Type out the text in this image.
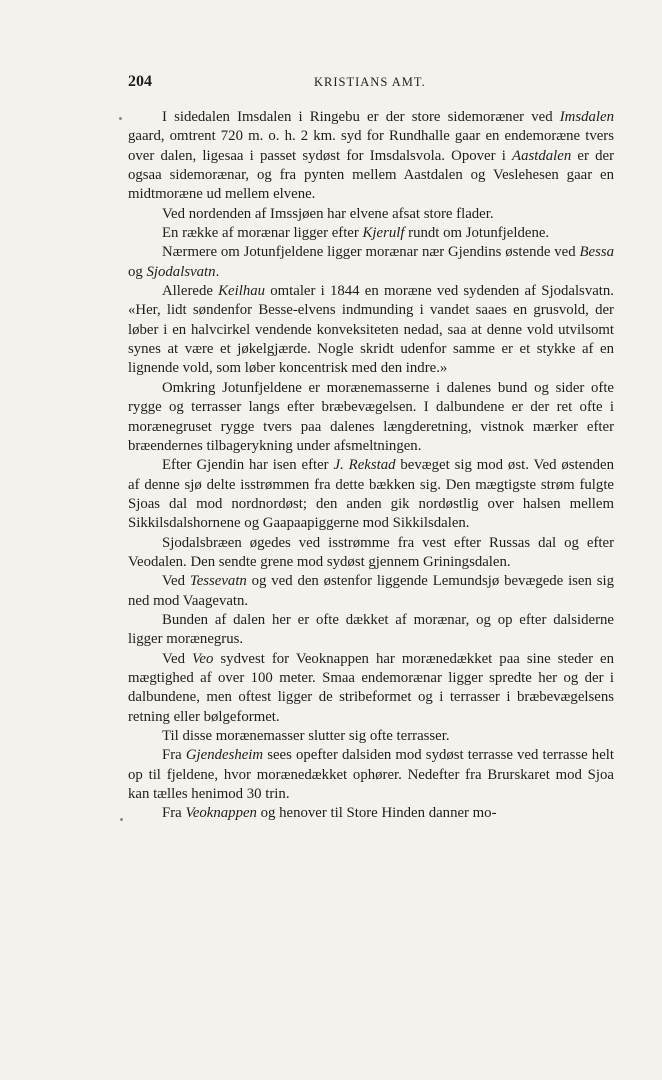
204	KRISTIANS AMT.

I sidedalen Imsdalen i Ringebu er der store sidemoræner ved Imsdalen gaard, omtrent 720 m. o. h. 2 km. syd for Rundhalle gaar en endemoræne tvers over dalen, ligesaa i passet sydøst for Imsdalsvola. Opover i Aastdalen er der ogsaa sidemorænar, og fra pynten mellem Aastdalen og Veslehesen gaar en midtmoræne ud mellem elvene.

Ved nordenden af Imssjøen har elvene afsat store flader.

En række af morænar ligger efter Kjerulf rundt om Jotunfjeldene.

Nærmere om Jotunfjeldene ligger morænar nær Gjendins østende ved Bessa og Sjodalsvatn.

Allerede Keilhau omtaler i 1844 en moræne ved sydenden af Sjodalsvatn. «Her, lidt søndenfor Besse-elvens indmunding i vandet saaes en grusvold, der løber i en halvcirkel vendende konveksiteten nedad, saa at denne vold utvilsomt synes at være et jøkelgjærde. Nogle skridt udenfor samme er et stykke af en lignende vold, som løber koncentrisk med den indre.»

Omkring Jotunfjeldene er morænemasserne i dalenes bund og sider ofte rygge og terrasser langs efter bræbevægelsen. I dalbundene er der ret ofte i morænegruset rygge tvers paa dalenes længderetning, vistnok mærker efter bræendernes tilbagerykning under afsmeltningen.

Efter Gjendin har isen efter J. Rekstad bevæget sig mod øst. Ved østenden af denne sjø delte isstrømmen fra dette bækken sig. Den mægtigste strøm fulgte Sjoas dal mod nordnordøst; den anden gik nordøstlig over halsen mellem Sikkilsdalshornene og Gaapaapiggerne mod Sikkilsdalen.

Sjodalsbræen øgedes ved isstrømme fra vest efter Russas dal og efter Veodalen. Den sendte grene mod sydøst gjennem Griningsdalen.

Ved Tessevatn og ved den østenfor liggende Lemundsjø bevægede isen sig ned mod Vaagevatn.

Bunden af dalen her er ofte dækket af morænar, og op efter dalsiderne ligger morænegrus.

Ved Veo sydvest for Veoknappen har morænedækket paa sine steder en mægtighed af over 100 meter. Smaa endemorænar ligger spredte her og der i dalbundene, men oftest ligger de stribeformet og i terrasser i bræbevægelsens retning eller bølgeformet.

Til disse morænemasser slutter sig ofte terrasser.

Fra Gjendesheim sees opefter dalsiden mod sydøst terrasse ved terrasse helt op til fjeldene, hvor morænedækket ophører. Nedefter fra Brurskaret mod Sjoa kan tælles henimod 30 trin.

Fra Veoknappen og henover til Store Hinden danner mo-
